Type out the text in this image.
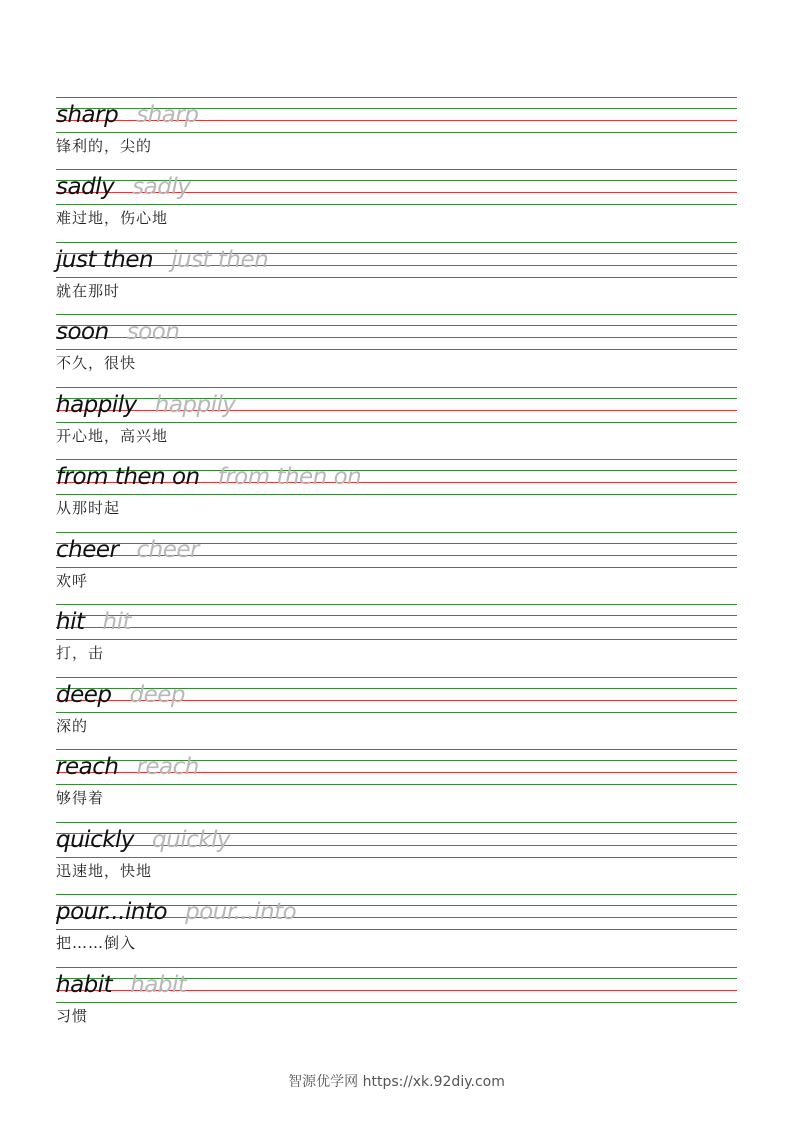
sharp sharp
锋利的，尖的
sadly sadly
难过地，伤心地
just then just then
就在那时
soon soon
不久，很快
happily happily
开心地，高兴地
from then on from then on
从那时起
cheer cheer
欢呼
hit hit
打，击
deep deep
深的
reach reach
够得着
quickly quickly
迅速地，快地
pour...into pour...into
把……倒入
habit habit
习惯
智源优学网 https://xk.92diy.com
